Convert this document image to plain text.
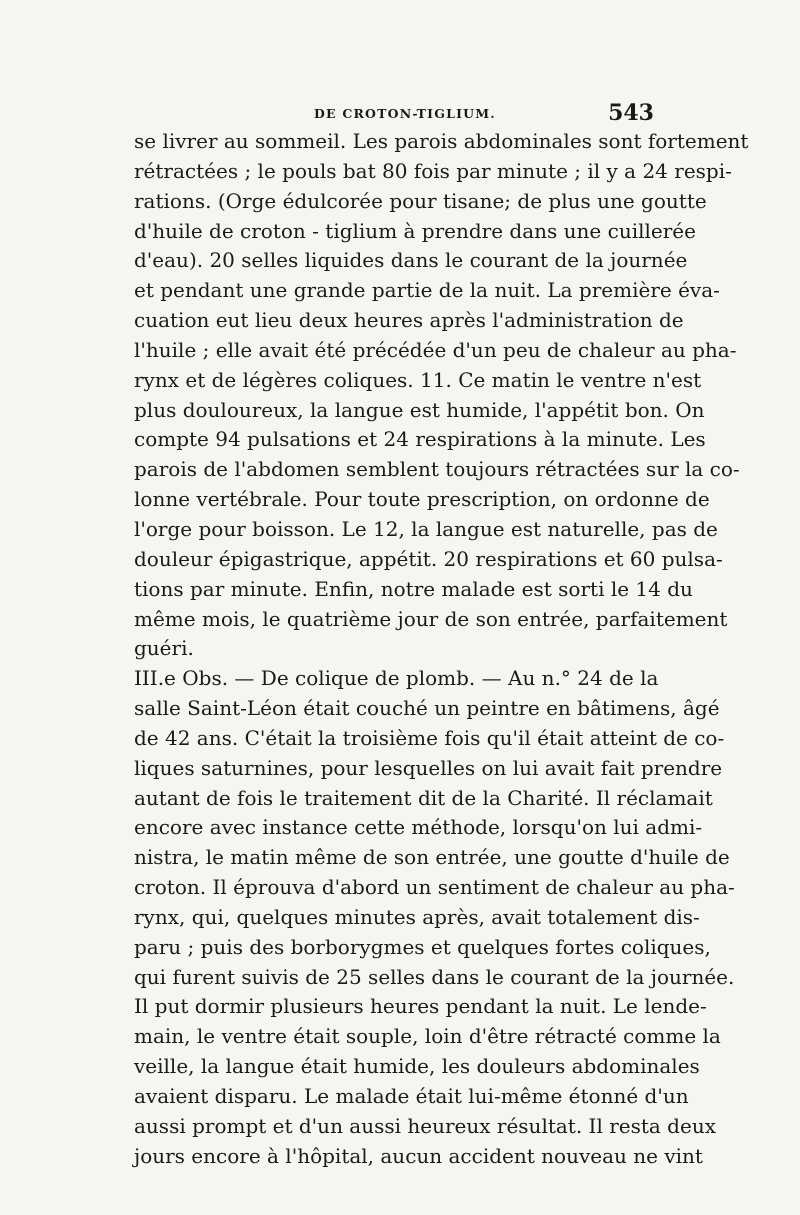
DE CROTON-TIGLIUM.	543
se livrer au sommeil. Les parois abdominales sont fortement
rétractées ; le pouls bat 80 fois par minute ; il y a 24 respi-
rations. (Orge édulcorée pour tisane; de plus une goutte
d'huile de croton - tiglium à prendre dans une cuillerée
d'eau). 20 selles liquides dans le courant de la journée
et pendant une grande partie de la nuit. La première éva-
cuation eut lieu deux heures après l'administration de
l'huile ; elle avait été précédée d'un peu de chaleur au pha-
rynx et de légères coliques. 11. Ce matin le ventre n'est
plus douloureux, la langue est humide, l'appétit bon. On
compte 94 pulsations et 24 respirations à la minute. Les
parois de l'abdomen semblent toujours rétractées sur la co-
lonne vertébrale. Pour toute prescription, on ordonne de
l'orge pour boisson. Le 12, la langue est naturelle, pas de
douleur épigastrique, appétit. 20 respirations et 60 pulsa-
tions par minute. Enfin, notre malade est sorti le 14 du
même mois, le quatrième jour de son entrée, parfaitement
guéri.
III.e Obs. — De colique de plomb. — Au n.° 24 de la
salle Saint-Léon était couché un peintre en bâtimens, âgé
de 42 ans. C'était la troisième fois qu'il était atteint de co-
liques saturnines, pour lesquelles on lui avait fait prendre
autant de fois le traitement dit de la Charité. Il réclamait
encore avec instance cette méthode, lorsqu'on lui admi-
nistra, le matin même de son entrée, une goutte d'huile de
croton. Il éprouva d'abord un sentiment de chaleur au pha-
rynx, qui, quelques minutes après, avait totalement dis-
paru ; puis des borborygmes et quelques fortes coliques,
qui furent suivis de 25 selles dans le courant de la journée.
Il put dormir plusieurs heures pendant la nuit. Le lende-
main, le ventre était souple, loin d'être rétracté comme la
veille, la langue était humide, les douleurs abdominales
avaient disparu. Le malade était lui-même étonné d'un
aussi prompt et d'un aussi heureux résultat. Il resta deux
jours encore à l'hôpital, aucun accident nouveau ne vint
